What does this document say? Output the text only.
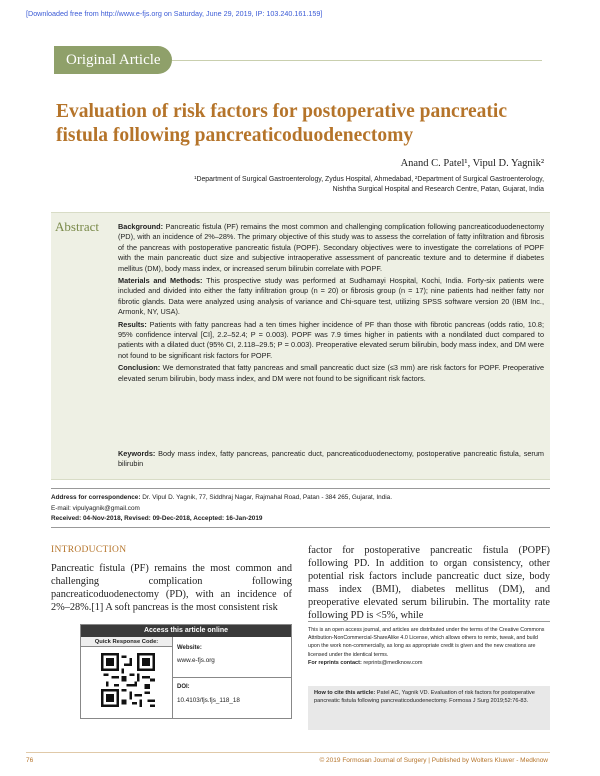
[Downloaded free from http://www.e-fjs.org on Saturday, June 29, 2019, IP: 103.240.161.159]
Original Article
Evaluation of risk factors for postoperative pancreatic fistula following pancreaticoduodenectomy
Anand C. Patel¹, Vipul D. Yagnik²
¹Department of Surgical Gastroenterology, Zydus Hospital, Ahmedabad, ²Department of Surgical Gastroenterology,
Nishtha Surgical Hospital and Research Centre, Patan, Gujarat, India
Abstract	Background: Pancreatic fistula (PF) remains the most common and challenging complication following pancreaticoduodenectomy (PD), with an incidence of 2%–28%. The primary objective of this study was to assess the correlation of fatty infiltration and fibrosis of the pancreas with postoperative pancreatic fistula (POPF). Secondary objectives were to investigate the correlations of POPF with the main pancreatic duct size and subjective intraoperative assessment of pancreatic texture and to determine if diabetes mellitus (DM), body mass index, or increased serum bilirubin correlate with POPF.

Materials and Methods: This prospective study was performed at Sudhamayi Hospital, Kochi, India. Forty-six patients were included and divided into either the fatty infiltration group (n = 20) or fibrosis group (n = 17); nine patients had neither fatty nor fibrotic glands. Data were analyzed using analysis of variance and Chi-square test, utilizing SPSS software version 20 (IBM Inc., Armonk, NY, USA).

Results: Patients with fatty pancreas had a ten times higher incidence of PF than those with fibrotic pancreas (odds ratio, 10.8; 95% confidence interval [CI], 2.2–52.4; P = 0.003). POPF was 7.9 times higher in patients with a nondilated duct compared to patients with a dilated duct (95% CI, 2.118–29.5; P = 0.003). Preoperative elevated serum bilirubin, body mass index, and DM were not found to be significant risk factors for POPF.

Conclusion: We demonstrated that fatty pancreas and small pancreatic duct size (≤3 mm) are risk factors for POPF. Preoperative elevated serum bilirubin, body mass index, and DM were not found to be significant risk factors.

Keywords: Body mass index, fatty pancreas, pancreatic duct, pancreaticoduodenectomy, postoperative pancreatic fistula, serum bilirubin
Address for correspondence: Dr. Vipul D. Yagnik, 77, Siddhraj Nagar, Rajmahal Road, Patan - 384 265, Gujarat, India.
E-mail: vipulyagnik@gmail.com
Received: 04-Nov-2018, Revised: 09-Dec-2018, Accepted: 16-Jan-2019
INTRODUCTION
Pancreatic fistula (PF) remains the most common and challenging complication following pancreaticoduodenectomy (PD), with an incidence of 2%–28%.[1] A soft pancreas is the most consistent risk
factor for postoperative pancreatic fistula (POPF) following PD. In addition to organ consistency, other potential risk factors include pancreatic duct size, body mass index (BMI), diabetes mellitus (DM), and preoperative elevated serum bilirubin. The mortality rate following PD is <5%, while
Access this article online
Quick Response Code:
Website:
www.e-fjs.org
DOI:
10.4103/fjs.fjs_118_18
This is an open access journal, and articles are distributed under the terms of the Creative Commons Attribution-NonCommercial-ShareAlike 4.0 License, which allows others to remix, tweak, and build upon the work non-commercially, as long as appropriate credit is given and the new creations are licensed under the identical terms.
For reprints contact: reprints@medknow.com
How to cite this article: Patel AC, Yagnik VD. Evaluation of risk factors for postoperative pancreatic fistula following pancreaticoduodenectomy. Formosa J Surg 2019;52:76-83.
76	© 2019 Formosan Journal of Surgery | Published by Wolters Kluwer - Medknow
